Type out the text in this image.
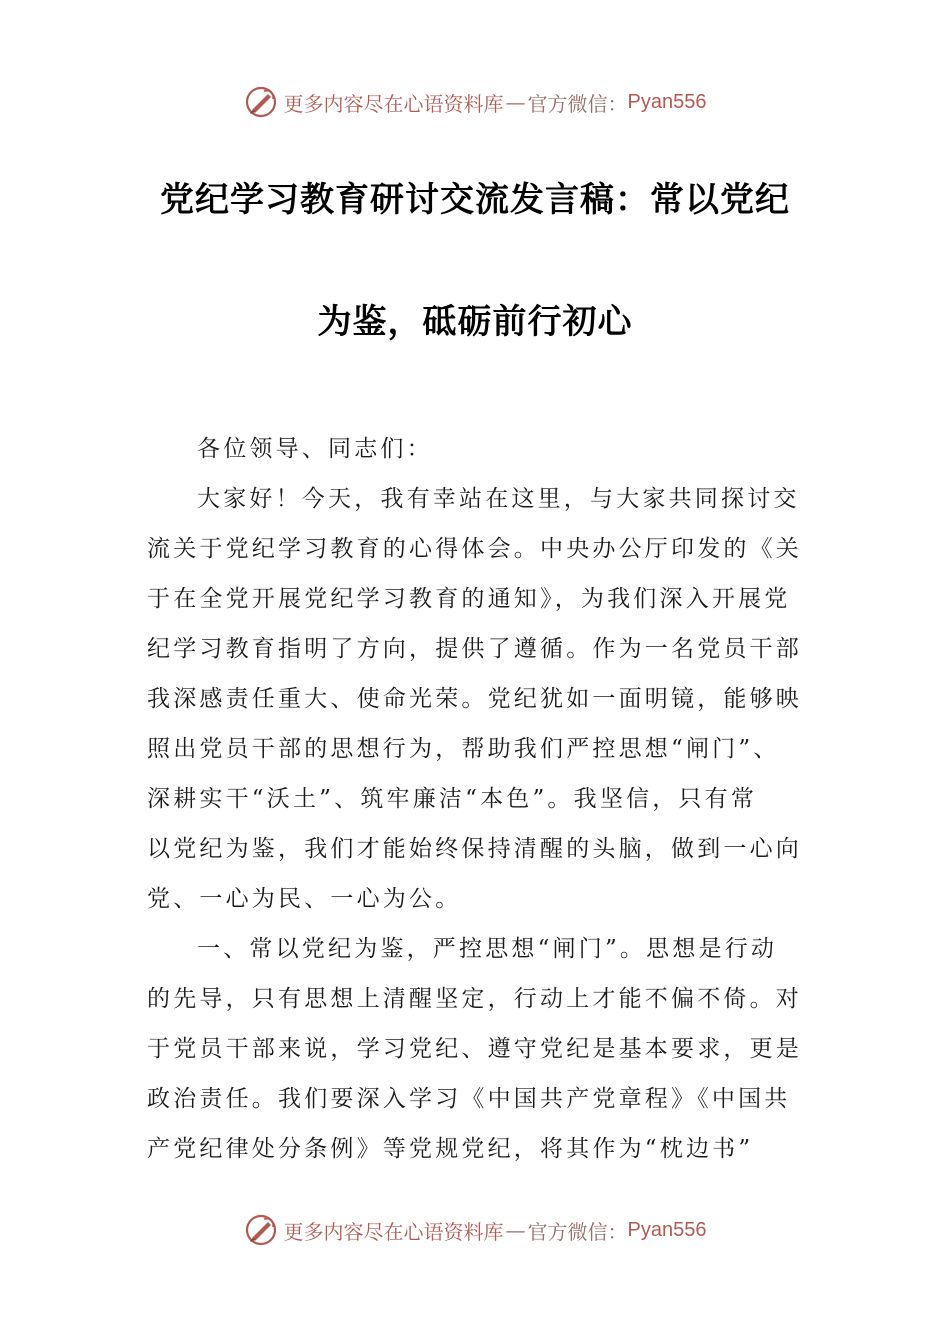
更多内容尽在心语资料库 — 官方微信： Pyan556
党纪学习教育研讨交流发言稿：常以党纪
为鉴，砥砺前行初心
各位领导、同志们：
大家好！今天，我有幸站在这里，与大家共同探讨交
流关于党纪学习教育的心得体会。中央办公厅印发的《关
于在全党开展党纪学习教育的通知》，为我们深入开展党
纪学习教育指明了方向，提供了遵循。作为一名党员干部
我深感责任重大、使命光荣。党纪犹如一面明镜，能够映
照出党员干部的思想行为，帮助我们严控思想“闸门”、
深耕实干“沃土”、筑牢廉洁“本色”。我坚信，只有常
以党纪为鉴，我们才能始终保持清醒的头脑，做到一心向
党、一心为民、一心为公。
一、常以党纪为鉴，严控思想“闸门”。思想是行动
的先导，只有思想上清醒坚定，行动上才能不偏不倚。对
于党员干部来说，学习党纪、遵守党纪是基本要求，更是
政治责任。我们要深入学习《中国共产党章程》《中国共
产党纪律处分条例》等党规党纪，将其作为“枕边书”
更多内容尽在心语资料库 — 官方微信： Pyan556
